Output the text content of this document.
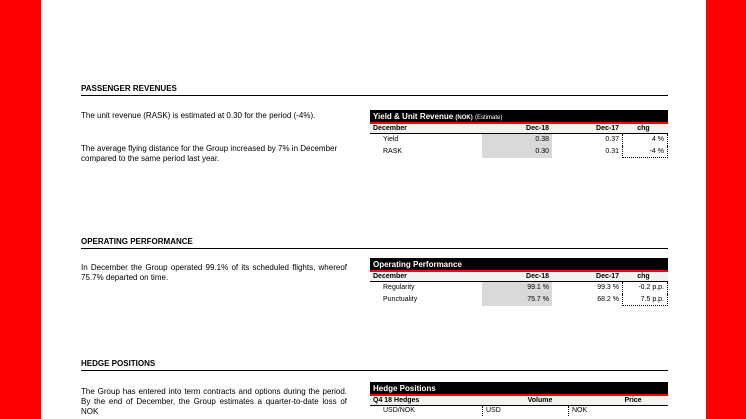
PASSENGER REVENUES
The unit revenue (RASK) is estimated at 0.30 for the period (-4%).
The average flying distance for the Group increased by 7% in December compared to the same period last year.
Yield & Unit Revenue (NOK) (Estimate)
December	Dec-18	Dec-17	chg
Yield	0.38	0.37	4 %
RASK	0.30	0.31	-4 %
OPERATING PERFORMANCE
In December the Group operated 99.1% of its scheduled flights, whereof 75.7% departed on time.
Operating Performance
December	Dec-18	Dec-17	chg
Regularity	99.1 %	99.3 %	-0.2 p.p.
Punctuality	75.7 %	68.2 %	7.5 p.p.
HEDGE POSITIONS
The Group has entered into term contracts and options during the period. By the end of December, the Group estimates a quarter-to-date loss of NOK
Hedge Positions
Q4 18 Hedges	Volume	Price
USD/NOK	USD	NOK
